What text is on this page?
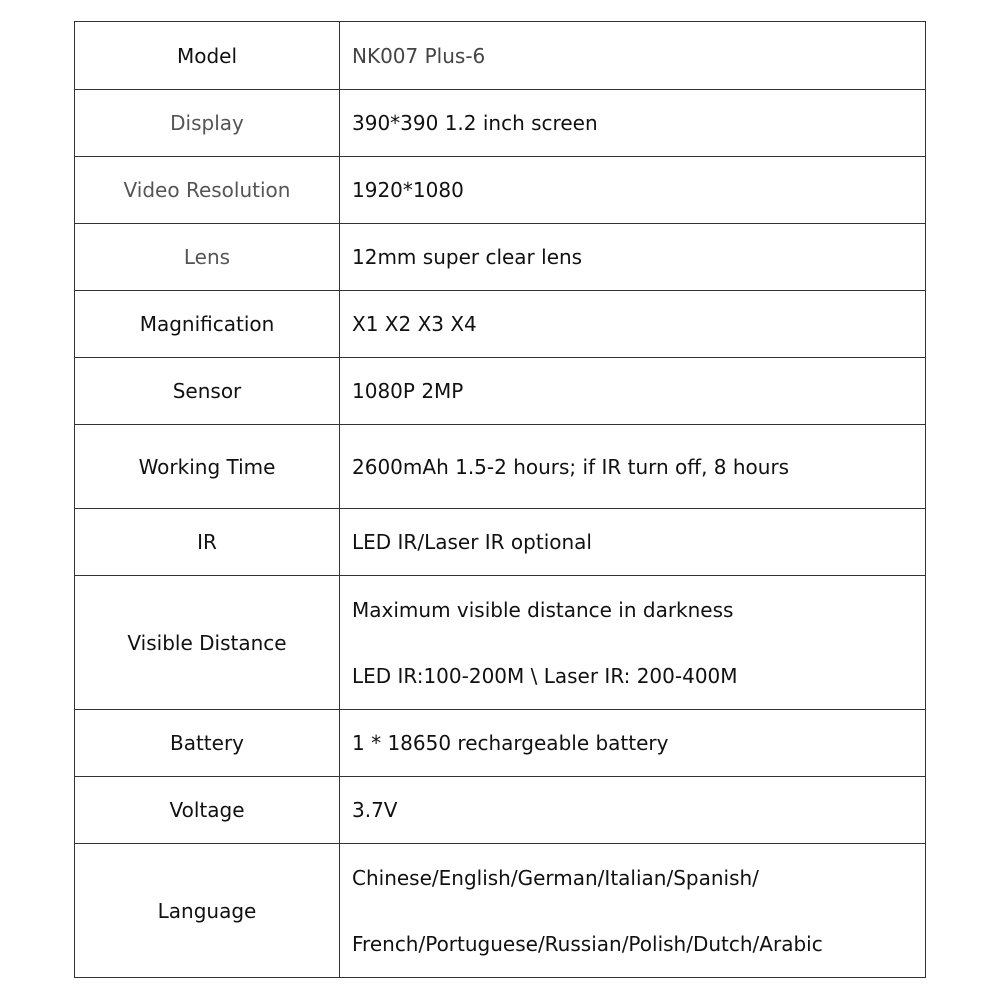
Model	NK007 Plus-6
Display	390*390 1.2 inch screen
Video Resolution	1920*1080
Lens	12mm super clear lens
Magnification	X1 X2 X3 X4
Sensor	1080P 2MP
Working Time	2600mAh 1.5-2 hours; if IR turn off, 8 hours
IR	LED IR/Laser IR optional
Visible Distance	Maximum visible distance in darkness
LED IR:100-200M \ Laser IR: 200-400M

Battery	1 * 18650 rechargeable battery
Voltage	3.7V
Language	Chinese/English/German/Italian/Spanish/
French/Portuguese/Russian/Polish/Dutch/Arabic
